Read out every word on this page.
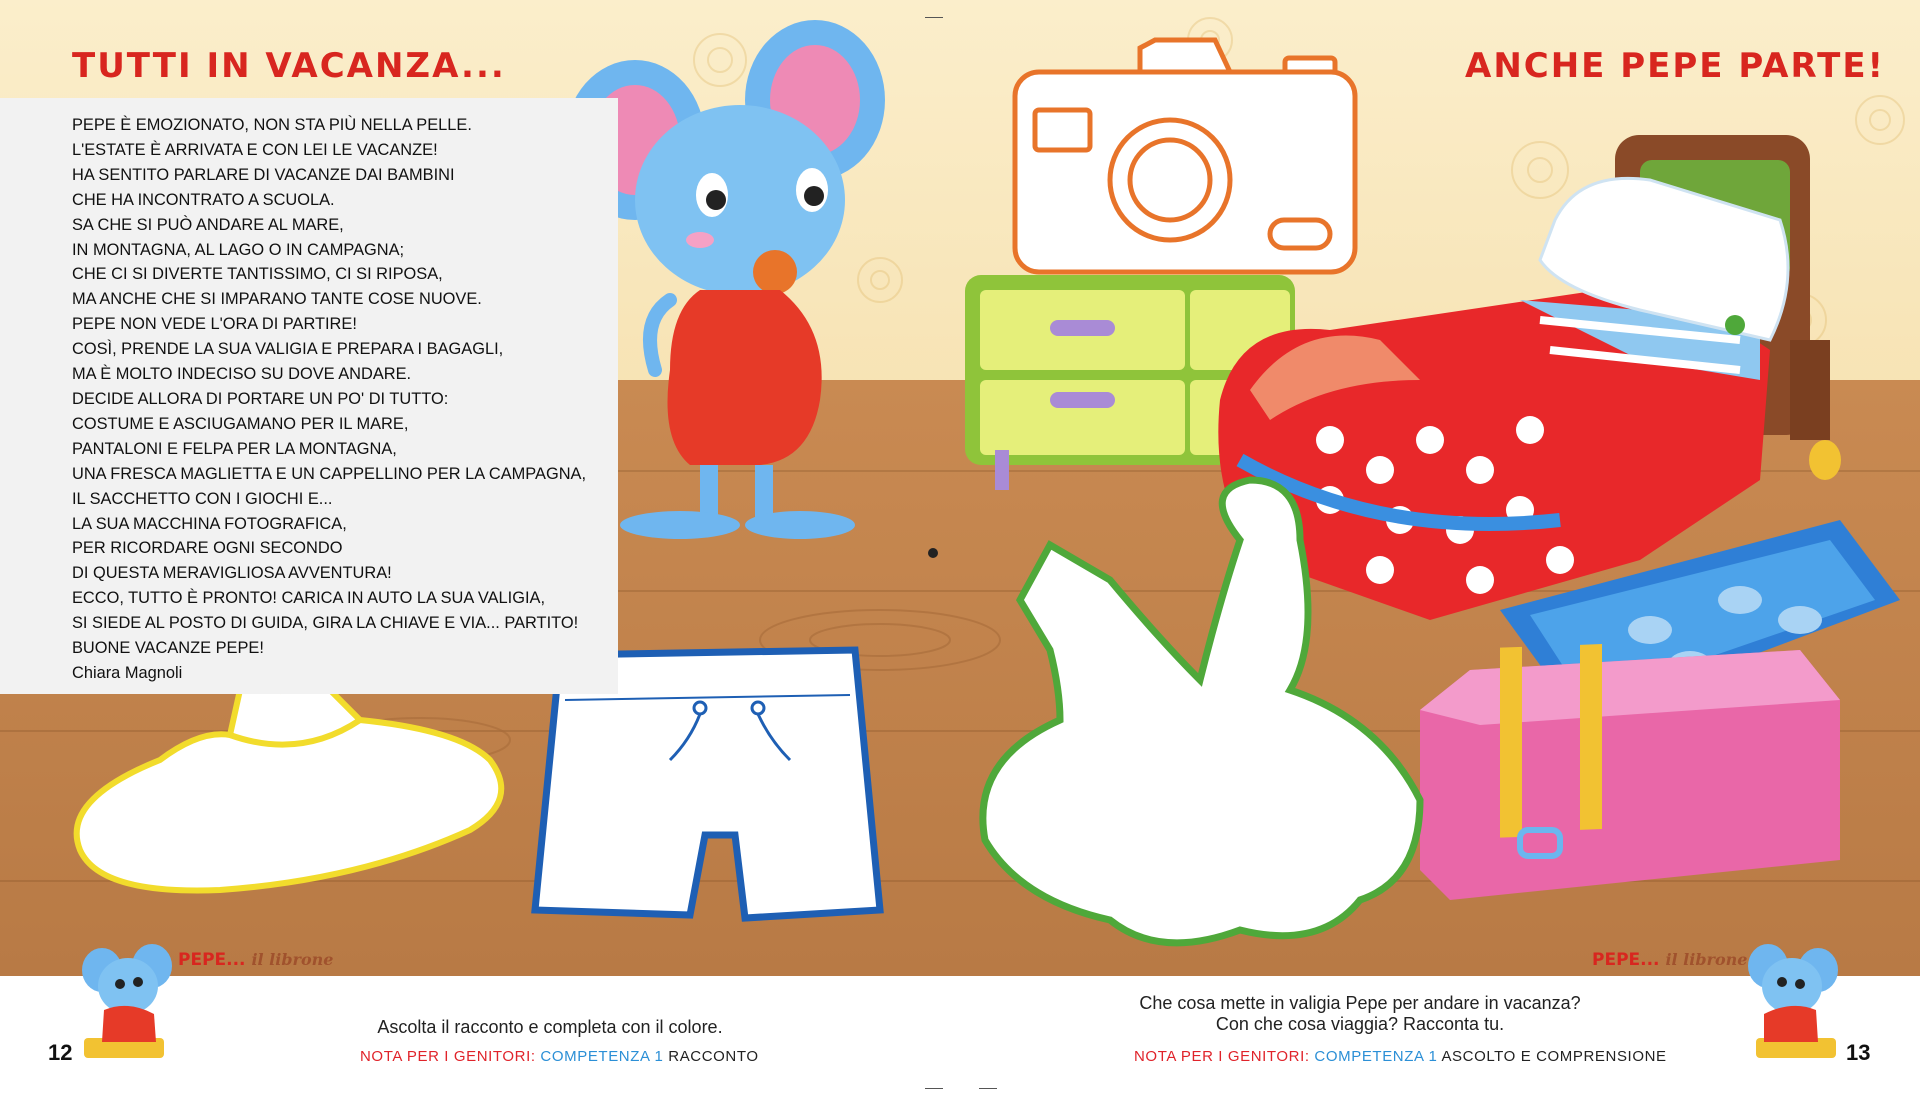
TUTTI IN VACANZA...	ANCHE PEPE PARTE!
PEPE È EMOZIONATO, NON STA PIÙ NELLA PELLE.
L'ESTATE È ARRIVATA E CON LEI LE VACANZE!
HA SENTITO PARLARE DI VACANZE DAI BAMBINI
CHE HA INCONTRATO A SCUOLA.
SA CHE SI PUÒ ANDARE AL MARE,
IN MONTAGNA, AL LAGO O IN CAMPAGNA;
CHE CI SI DIVERTE TANTISSIMO, CI SI RIPOSA,
MA ANCHE CHE SI IMPARANO TANTE COSE NUOVE.
PEPE NON VEDE L'ORA DI PARTIRE!
COSÌ, PRENDE LA SUA VALIGIA E PREPARA I BAGAGLI,
MA È MOLTO INDECISO SU DOVE ANDARE.
DECIDE ALLORA DI PORTARE UN PO' DI TUTTO:
COSTUME E ASCIUGAMANO PER IL MARE,
PANTALONI E FELPA PER LA MONTAGNA,
UNA FRESCA MAGLIETTA E UN CAPPELLINO PER LA CAMPAGNA,
IL SACCHETTO CON I GIOCHI E...
LA SUA MACCHINA FOTOGRAFICA,
PER RICORDARE OGNI SECONDO
DI QUESTA MERAVIGLIOSA AVVENTURA!
ECCO, TUTTO È PRONTO! CARICA IN AUTO LA SUA VALIGIA,
SI SIEDE AL POSTO DI GUIDA, GIRA LA CHIAVE E VIA... PARTITO!
BUONE VACANZE PEPE!
Chiara Magnoli
PEPE... il librone	PEPE... il librone
Ascolta il racconto e completa con il colore.
NOTA PER I GENITORI: COMPETENZA 1 RACCONTO
Che cosa mette in valigia Pepe per andare in vacanza?
Con che cosa viaggia? Racconta tu.
NOTA PER I GENITORI: COMPETENZA 1 ASCOLTO E COMPRENSIONE
12	13
